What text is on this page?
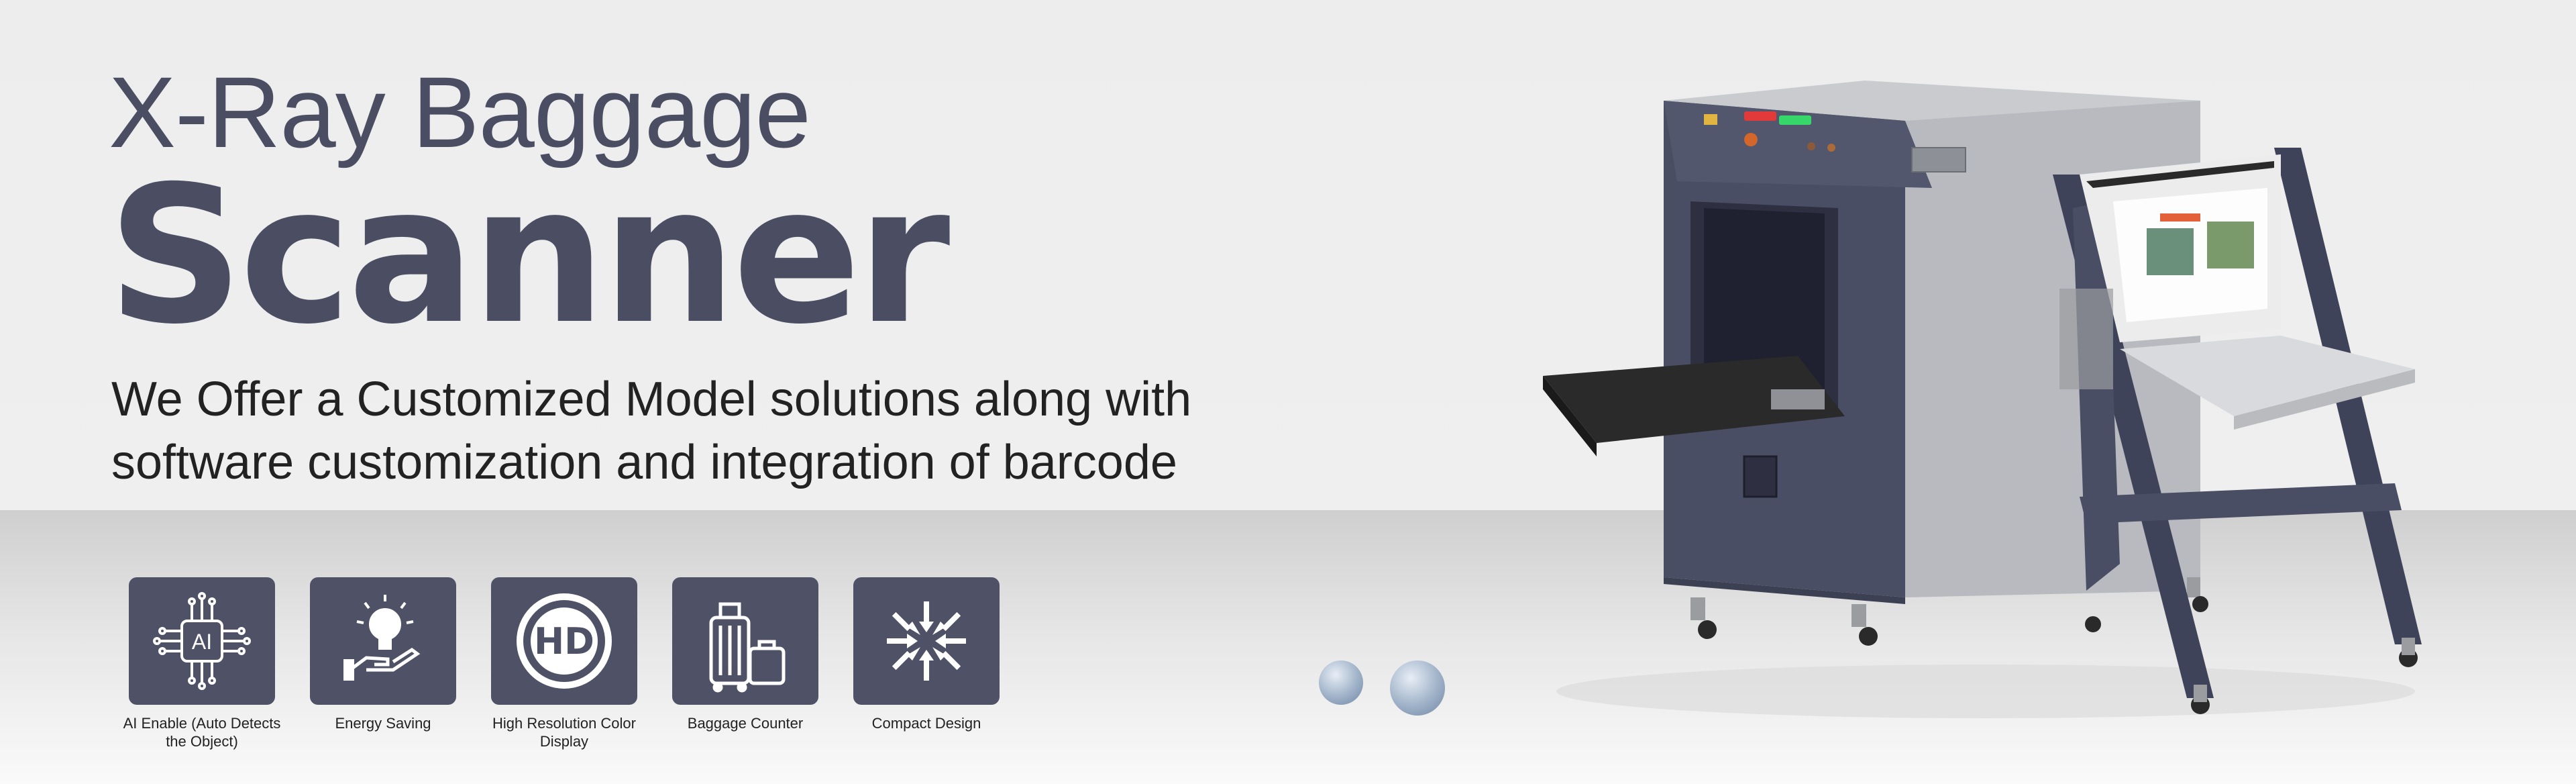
X-Ray Baggage
Scanner

We Offer a Customized Model solutions along with
software customization and integration of barcode

AI
AI Enable (Auto Detects the Object)
Energy Saving
HD
High Resolution Color Display
Baggage Counter	Compact Design
